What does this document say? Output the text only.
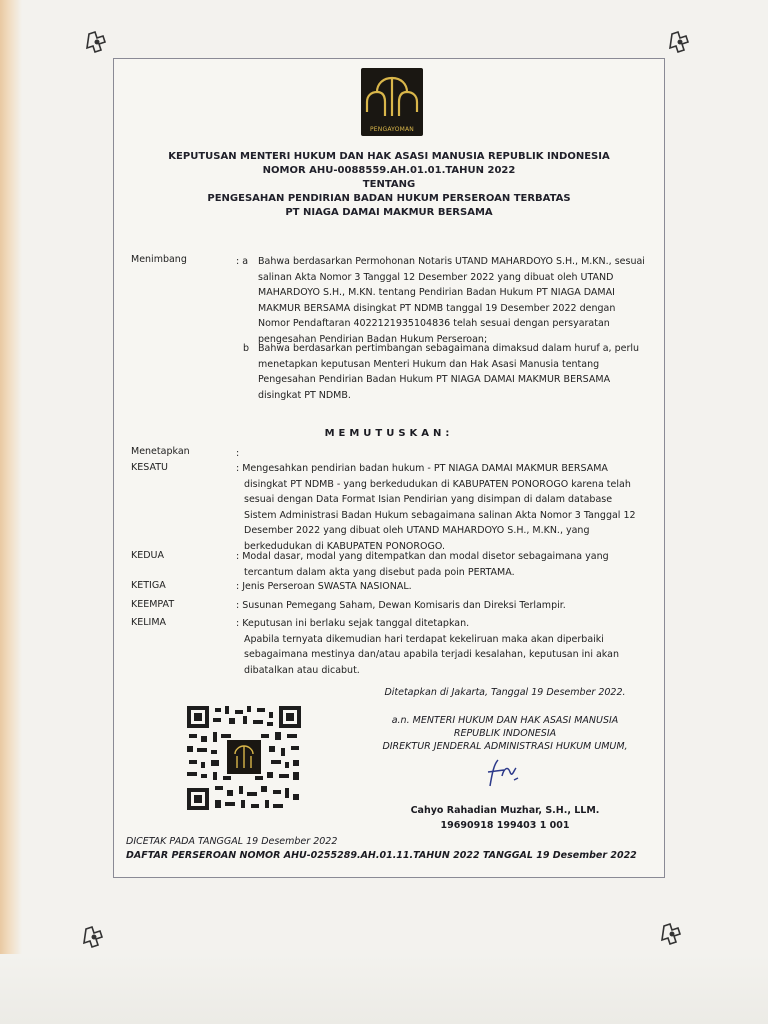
PENGAYOMAN
KEPUTUSAN MENTERI HUKUM DAN HAK ASASI MANUSIA REPUBLIK INDONESIA
NOMOR AHU-0088559.AH.01.01.TAHUN 2022
TENTANG
PENGESAHAN PENDIRIAN BADAN HUKUM PERSEROAN TERBATAS
PT NIAGA DAMAI MAKMUR BERSAMA
Menimbang	: a Bahwa berdasarkan Permohonan Notaris UTAND MAHARDOYO S.H., M.KN., sesuai
salinan Akta Nomor 3 Tanggal 12 Desember 2022 yang dibuat oleh UTAND
MAHARDOYO S.H., M.KN. tentang Pendirian Badan Hukum PT NIAGA DAMAI
MAKMUR BERSAMA disingkat PT NDMB tanggal 19 Desember 2022 dengan
Nomor Pendaftaran 4022121935104836 telah sesuai dengan persyaratan
pengesahan Pendirian Badan Hukum Perseroan;
b Bahwa berdasarkan pertimbangan sebagaimana dimaksud dalam huruf a, perlu
menetapkan keputusan Menteri Hukum dan Hak Asasi Manusia tentang
Pengesahan Pendirian Badan Hukum PT NIAGA DAMAI MAKMUR BERSAMA
disingkat PT NDMB.
MEMUTUSKAN:
Menetapkan	:
KESATU	: Mengesahkan pendirian badan hukum - PT NIAGA DAMAI MAKMUR BERSAMA
disingkat PT NDMB - yang berkedudukan di KABUPATEN PONOROGO karena telah
sesuai dengan Data Format Isian Pendirian yang disimpan di dalam database
Sistem Administrasi Badan Hukum sebagaimana salinan Akta Nomor 3 Tanggal 12
Desember 2022 yang dibuat oleh UTAND MAHARDOYO S.H., M.KN., yang
berkedudukan di KABUPATEN PONOROGO.
KEDUA	: Modal dasar, modal yang ditempatkan dan modal disetor sebagaimana yang
tercantum dalam akta yang disebut pada poin PERTAMA.
KETIGA	: Jenis Perseroan SWASTA NASIONAL.
KEEMPAT	: Susunan Pemegang Saham, Dewan Komisaris dan Direksi Terlampir.
KELIMA	: Keputusan ini berlaku sejak tanggal ditetapkan.
Apabila ternyata dikemudian hari terdapat kekeliruan maka akan diperbaiki
sebagaimana mestinya dan/atau apabila terjadi kesalahan, keputusan ini akan
dibatalkan atau dicabut.
Ditetapkan di Jakarta, Tanggal 19 Desember 2022.
a.n. MENTERI HUKUM DAN HAK ASASI MANUSIA
REPUBLIK INDONESIA
DIREKTUR JENDERAL ADMINISTRASI HUKUM UMUM,
Cahyo Rahadian Muzhar, S.H., LLM.
19690918 199403 1 001
DICETAK PADA TANGGAL 19 Desember 2022
DAFTAR PERSEROAN NOMOR AHU-0255289.AH.01.11.TAHUN 2022 TANGGAL 19 Desember 2022
